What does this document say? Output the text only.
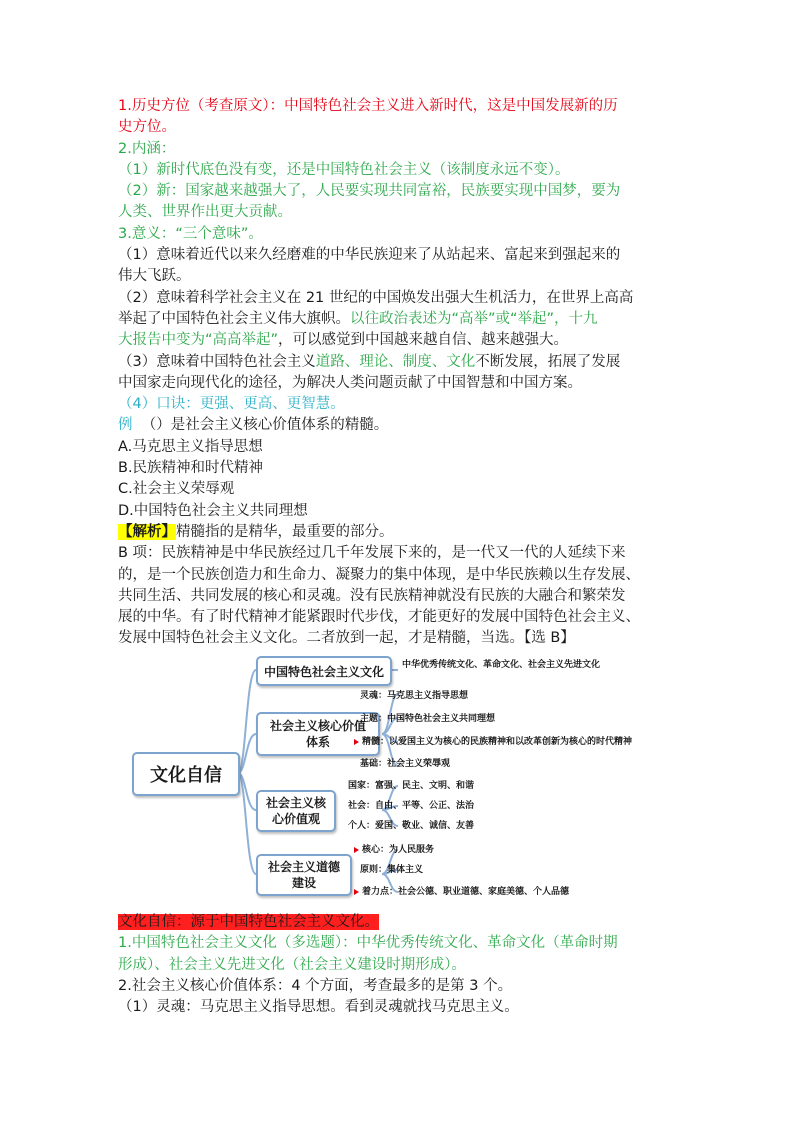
1.历史方位（考查原文）：中国特色社会主义进入新时代，这是中国发展新的历

史方位。

2.内涵：

（1）新时代底色没有变，还是中国特色社会主义（该制度永远不变）。

（2）新：国家越来越强大了，人民要实现共同富裕，民族要实现中国梦，要为

人类、世界作出更大贡献。

3.意义：“三个意味”。

（1）意味着近代以来久经磨难的中华民族迎来了从站起来、富起来到强起来的

伟大飞跃。

（2）意味着科学社会主义在 21 世纪的中国焕发出强大生机活力，在世界上高高

举起了中国特色社会主义伟大旗帜。以往政治表述为“高举”或“举起”，十九

大报告中变为“高高举起”，可以感觉到中国越来越自信、越来越强大。

（3）意味着中国特色社会主义道路、理论、制度、文化不断发展，拓展了发展

中国家走向现代化的途径，为解决人类问题贡献了中国智慧和中国方案。

（4）口诀：更强、更高、更智慧。

例 （）是社会主义核心价值体系的精髓。

A.马克思主义指导思想

B.民族精神和时代精神

C.社会主义荣辱观

D.中国特色社会主义共同理想

【解析】精髓指的是精华，最重要的部分。

B 项：民族精神是中华民族经过几千年发展下来的，是一代又一代的人延续下来

的，是一个民族创造力和生命力、凝聚力的集中体现，是中华民族赖以生存发展、

共同生活、共同发展的核心和灵魂。没有民族精神就没有民族的大融合和繁荣发

展的中华。有了时代精神才能紧跟时代步伐，才能更好的发展中国特色社会主义、

发展中国特色社会主义文化。二者放到一起，才是精髓，当选。【选 B】

文化自信
中国特色社会主义文化 中华优秀传统文化、革命文化、社会主义先进文化
社会主义核心价值体系
灵魂：马克思主义指导思想
主题：中国特色社会主义共同理想
精髓：以爱国主义为核心的民族精神和以改革创新为核心的时代精神
基础：社会主义荣辱观
社会主义核心价值观
国家：富强、民主、文明、和谐
社会：自由、平等、公正、法治
个人：爱国、敬业、诚信、友善
社会主义道德建设
核心：为人民服务
原则：集体主义
着力点：社会公德、职业道德、家庭美德、个人品德

文化自信：源于中国特色社会主义文化。

1.中国特色社会主义文化（多选题）：中华优秀传统文化、革命文化（革命时期

形成）、社会主义先进文化（社会主义建设时期形成）。

2.社会主义核心价值体系：4 个方面，考查最多的是第 3 个。

（1）灵魂：马克思主义指导思想。看到灵魂就找马克思主义。
